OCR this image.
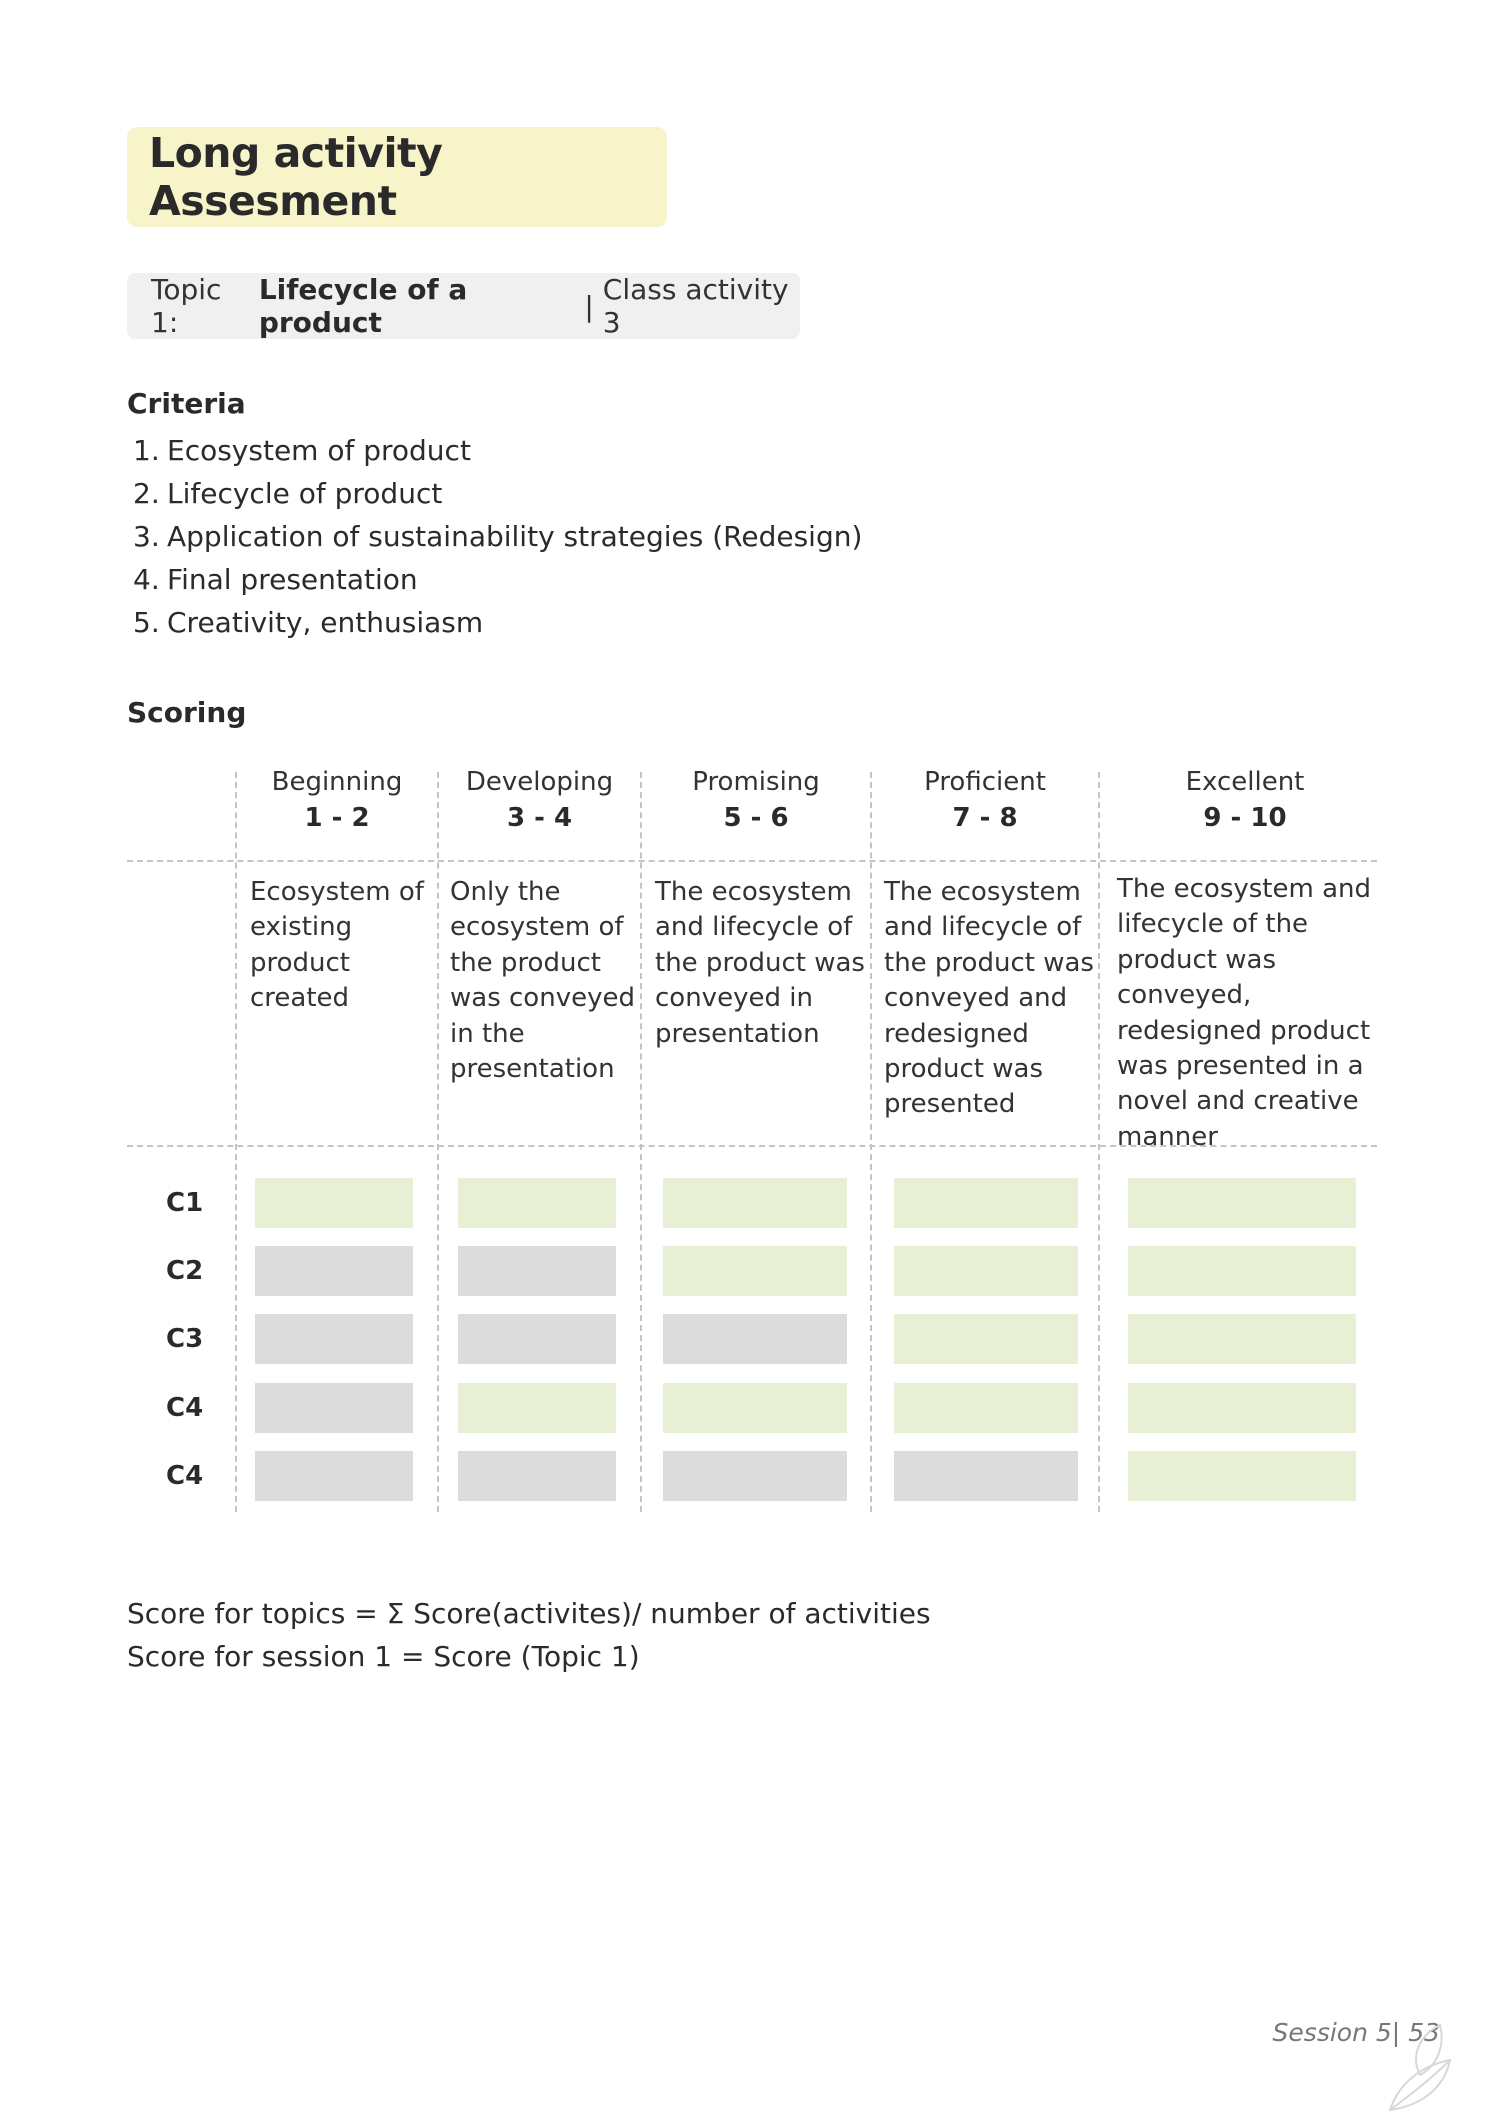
Long activity Assesment
Topic 1:

Lifecycle of a product
	|
Class activity 3
Criteria
1. Ecosystem of product
2. Lifecycle of product
3. Application of sustainability strategies (Redesign)
4. Final presentation
5. Creativity, enthusiasm
Scoring
Beginning
1 - 2
Developing
3 - 4
Promising
5 - 6
Proficient
7 - 8
Excellent
9 - 10
Ecosystem of existing product created
Only the ecosystem of the product was conveyed in the presentation
The ecosystem and lifecycle of the product was conveyed in presentation
The ecosystem and lifecycle of the product was conveyed and redesigned product was presented
The ecosystem and lifecycle of the product was conveyed, redesigned product was presented in a novel and creative manner
C1
C2
C3
C4
C4
Score for topics = Σ Score(activites)/ number of activities
Score for session 1 = Score (Topic 1)
Session 5| 53
